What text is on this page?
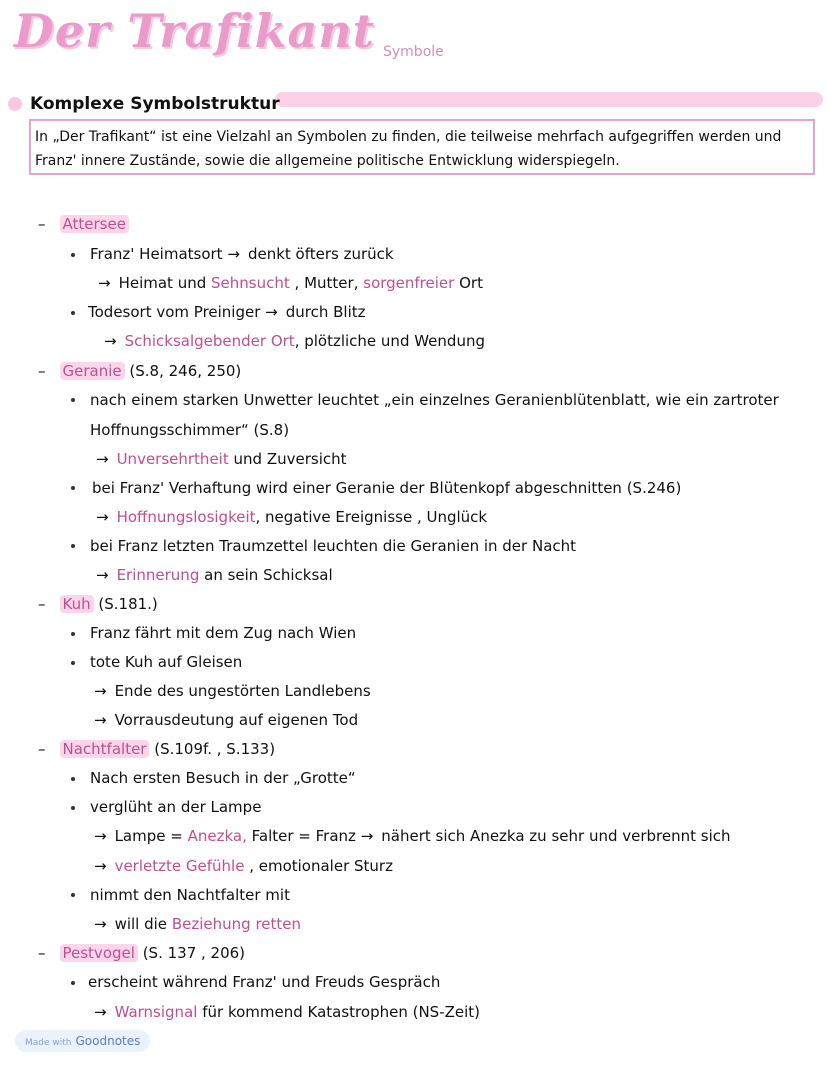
Der Trafikant Symbole
Komplexe Symbolstruktur
In „Der Trafikant“ ist eine Vielzahl an Symbolen zu finden, die teilweise mehrfach aufgegriffen werden und
Franz' innere Zustände, sowie die allgemeine politische Entwicklung widerspiegeln.
– Attersee
Franz' Heimatsort → denkt öfters zurück
→ Heimat und Sehnsucht , Mutter, sorgenfreier Ort
Todesort vom Preiniger → durch Blitz
→ Schicksalgebender Ort, plötzliche und Wendung
– Geranie (S.8, 246, 250)
nach einem starken Unwetter leuchtet „ein einzelnes Geranienblütenblatt, wie ein zartroter
Hoffnungsschimmer“ (S.8)
→ Unversehrtheit und Zuversicht
bei Franz' Verhaftung wird einer Geranie der Blütenkopf abgeschnitten (S.246)
→ Hoffnungslosigkeit, negative Ereignisse , Unglück
bei Franz letzten Traumzettel leuchten die Geranien in der Nacht
→ Erinnerung an sein Schicksal
– Kuh (S.181.)
Franz fährt mit dem Zug nach Wien
tote Kuh auf Gleisen
→ Ende des ungestörten Landlebens
→ Vorrausdeutung auf eigenen Tod
– Nachtfalter (S.109f. , S.133)
Nach ersten Besuch in der „Grotte“
verglüht an der Lampe
→ Lampe = Anezka, Falter = Franz → nähert sich Anezka zu sehr und verbrennt sich
→ verletzte Gefühle , emotionaler Sturz
nimmt den Nachtfalter mit
→ will die Beziehung retten
– Pestvogel (S. 137 , 206)
erscheint während Franz' und Freuds Gespräch
→ Warnsignal für kommend Katastrophen (NS-Zeit)
Made with Goodnotes
